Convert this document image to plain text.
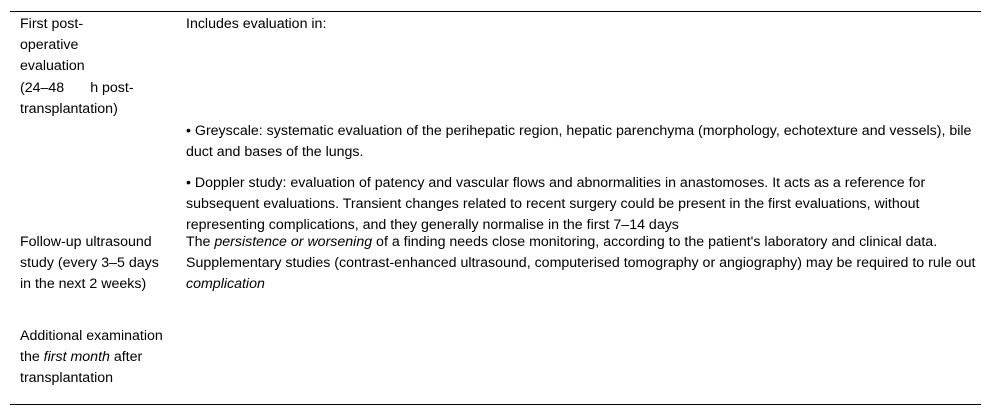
First post-
operative
evaluation
(24–48 h post-
transplantation)

Includes evaluation in:

• Greyscale: systematic evaluation of the perihepatic region, hepatic parenchyma (morphology, echotexture and vessels), bile duct and bases of the lungs.

• Doppler study: evaluation of patency and vascular flows and abnormalities in anastomoses. It acts as a reference for subsequent evaluations. Transient changes related to recent surgery could be present in the first evaluations, without representing complications, and they generally normalise in the first 7–14 days

Follow-up ultrasound study (every 3–5 days in the next 2 weeks)

The persistence or worsening of a finding needs close monitoring, according to the patient's laboratory and clinical data. Supplementary studies (contrast-enhanced ultrasound, computerised tomography or angiography) may be required to rule out complication

Additional examination the first month after transplantation
